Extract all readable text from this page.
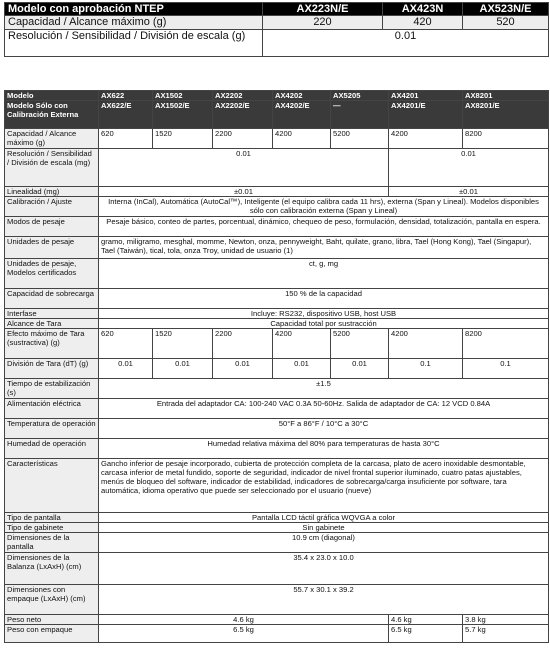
Modelo con aprobación NTEP	AX223N/E	AX423N	AX523N/E
Capacidad / Alcance máximo (g)	220	420	520
Resolución / Sensibilidad / División de escala (g)	0.01		
Modelo	AX622	AX1502	AX2202	AX4202	AX5205	AX4201	AX8201
Modelo Sólo con Calibración Externa	AX622/E	AX1502/E	AX2202/E	AX4202/E	—	AX4201/E	AX8201/E
Capacidad / Alcance máximo (g)	620	1520	2200	4200	5200	4200	8200
Resolución / Sensibilidad / División de escala (mg)	0.01					0.01	
Linealidad (mg)	±0.01					±0.01	
Calibración / Ajuste	Interna (InCal), Automática (AutoCal™), Inteligente (el equipo calibra cada 11 hrs), externa (Span y Lineal). Modelos disponibles sólo con calibración externa (Span y Lineal)						
Modos de pesaje	Pesaje básico, conteo de partes, porcentual, dinámico, chequeo de peso, formulación, densidad, totalización, pantalla en espera.						
Unidades de pesaje	gramo, miligramo, mesghal, momme, Newton, onza, pennyweight, Baht, quilate, grano, libra, Tael (Hong Kong), Tael (Singapur), Tael (Taiwán), tical, tola, onza Troy, unidad de usuario (1)						
Unidades de pesaje, Modelos certificados	ct, g, mg						
Capacidad de sobrecarga	150 % de la capacidad						
Interfase	Incluye: RS232, dispositivo USB, host USB						
Alcance de Tara	Capacidad total por sustracción						
Efecto máximo de Tara (sustractiva) (g)	620	1520	2200	4200	5200	4200	8200
División de Tara (dT) (g)	0.01	0.01	0.01	0.01	0.01	0.1	0.1
Tiempo de estabilización (s)	±1.5						
Alimentación eléctrica	Entrada del adaptador CA: 100-240 VAC 0.3A 50-60Hz. Salida de adaptador de CA: 12 VCD 0.84A						
Temperatura de operación	50°F a 86°F / 10°C a 30°C						
Humedad de operación	Humedad relativa máxima del 80% para temperaturas de hasta 30°C						
Características	Gancho inferior de pesaje incorporado, cubierta de protección completa de la carcasa, plato de acero inoxidable desmontable, carcasa inferior de metal fundido, soporte de seguridad, indicador de nivel frontal superior iluminado, cuatro patas ajustables, menús de bloqueo del software, indicador de estabilidad, indicadores de sobrecarga/carga insuficiente por software, tara automática, idioma operativo que puede ser seleccionado por el usuario (nueve)						
Tipo de pantalla	Pantalla LCD táctil gráfica WQVGA a color						
Tipo de gabinete	Sin gabinete						
Dimensiones de la pantalla	10.9 cm (diagonal)						
Dimensiones de la Balanza (LxAxH) (cm)	35.4 x 23.0 x 10.0						
Dimensiones con empaque (LxAxH) (cm)	55.7 x 30.1 x 39.2						
Peso neto	4.6 kg					4.6 kg	3.8 kg
Peso con empaque	6.5 kg					6.5 kg	5.7 kg
